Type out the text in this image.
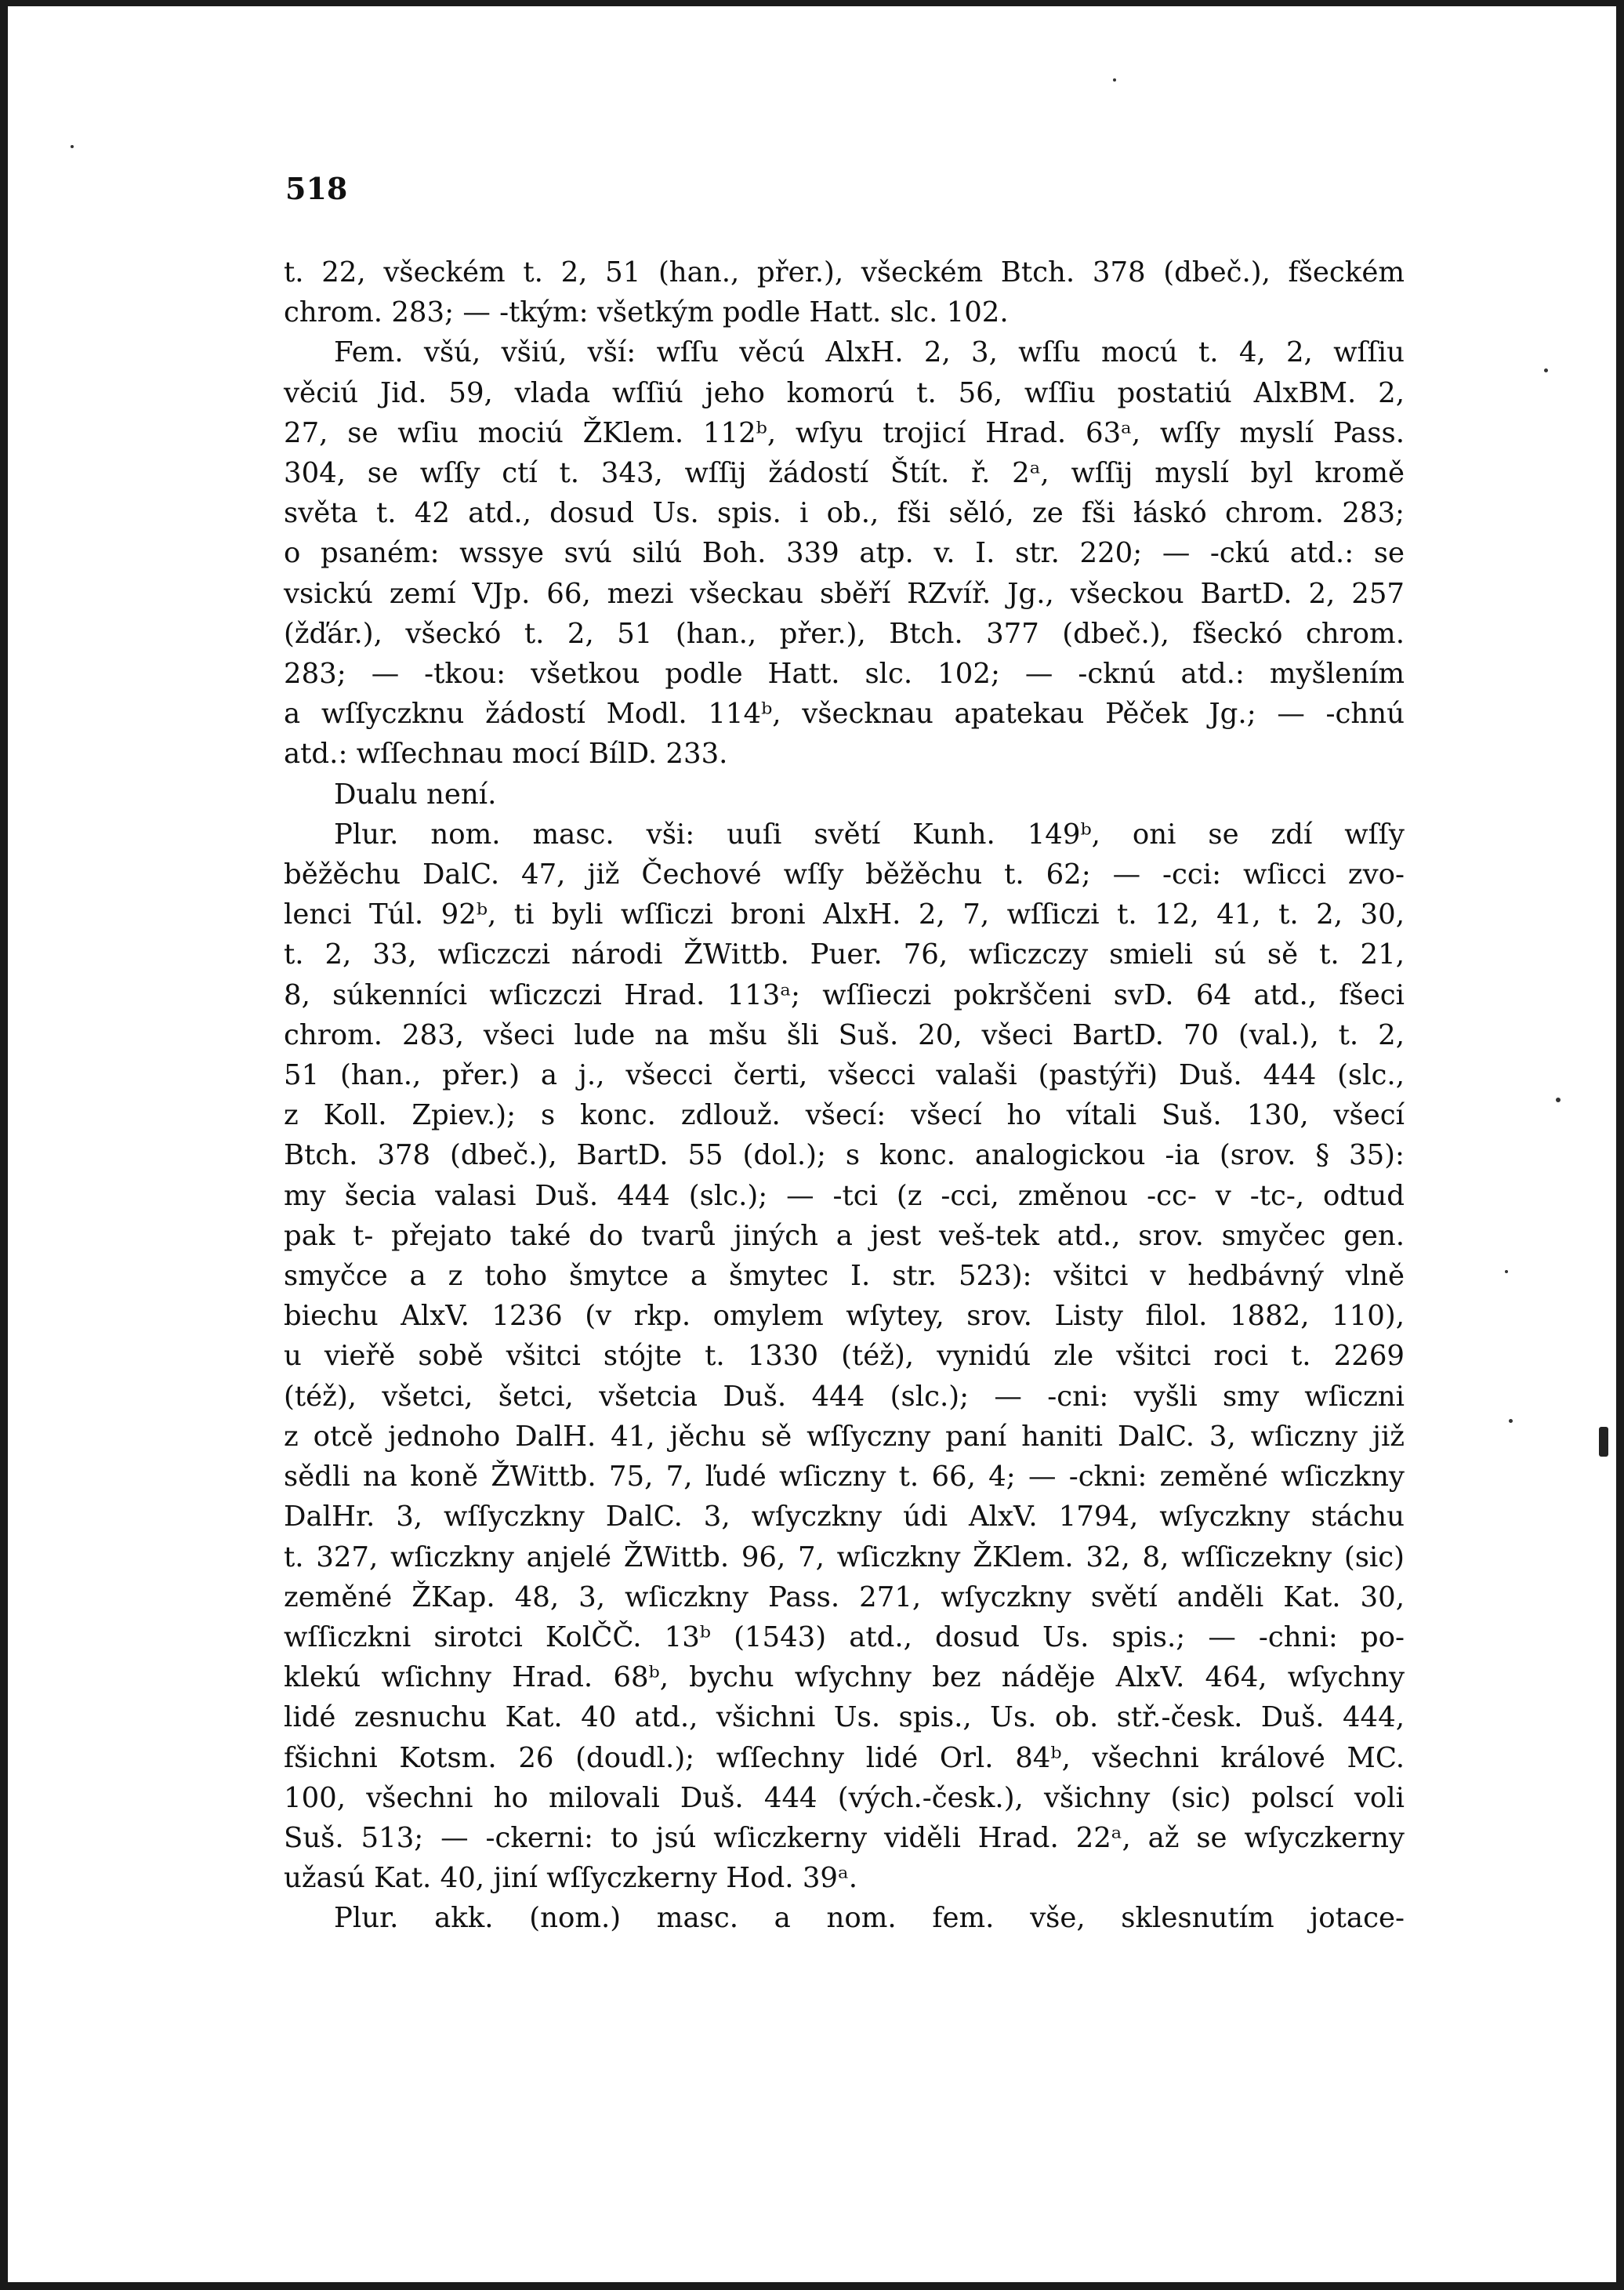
518
t. 22, všeckém t. 2, 51 (han., přer.), všeckém Btch. 378 (dbeč.), fšeckém
chrom. 283; — -tkým: všetkým podle Hatt. slc. 102.
Fem. všú, všiú, vší: wſſu věcú AlxH. 2, 3, wſſu mocú t. 4, 2, wſſiu
věciú Jid. 59, vlada wſſiú jeho komorú t. 56, wſſiu postatiú AlxBM. 2,
27, se wſiu mociú ŽKlem. 112ᵇ, wſyu trojicí Hrad. 63ᵃ, wſſy myslí Pass.
304, se wſſy ctí t. 343, wſſij žádostí Štít. ř. 2ᵃ, wſſij myslí byl kromě
světa t. 42 atd., dosud Us. spis. i ob., fši sěló, ze fši łáskó chrom. 283;
o psaném: wssye svú silú Boh. 339 atp. v. I. str. 220; — -ckú atd.: se
vsickú zemí VJp. 66, mezi všeckau sběří RZvíř. Jg., všeckou BartD. 2, 257
(žďár.), všeckó t. 2, 51 (han., přer.), Btch. 377 (dbeč.), fšeckó chrom.
283; — -tkou: všetkou podle Hatt. slc. 102; — -cknú atd.: myšlením
a wſſyczknu žádostí Modl. 114ᵇ, všecknau apatekau Pěček Jg.; — -chnú
atd.: wſſechnau mocí BílD. 233.
Dualu není.
Plur. nom. masc. vši: uuſi světí Kunh. 149ᵇ, oni se zdí wſſy
běžěchu DalC. 47, již Čechové wſſy běžěchu t. 62; — -cci: wſicci zvo-
lenci Túl. 92ᵇ, ti byli wſſiczi broni AlxH. 2, 7, wſſiczi t. 12, 41, t. 2, 30,
t. 2, 33, wſiczczi národi ŽWittb. Puer. 76, wſiczczy smieli sú sě t. 21,
8, súkenníci wſiczczi Hrad. 113ᵃ; wſſieczi pokrščeni svD. 64 atd., fšeci
chrom. 283, všeci lude na mšu šli Suš. 20, všeci BartD. 70 (val.), t. 2,
51 (han., přer.) a j., všecci čerti, všecci valaši (pastýři) Duš. 444 (slc.,
z Koll. Zpiev.); s konc. zdlouž. všecí: všecí ho vítali Suš. 130, všecí
Btch. 378 (dbeč.), BartD. 55 (dol.); s konc. analogickou -ia (srov. § 35):
my šecia valasi Duš. 444 (slc.); — -tci (z -cci, změnou -cc- v -tc-, odtud
pak t- přejato také do tvarů jiných a jest veš-tek atd., srov. smyčec gen.
smyčce a z toho šmytce a šmytec I. str. 523): všitci v hedbávný vlně
biechu AlxV. 1236 (v rkp. omylem wſytey, srov. Listy filol. 1882, 110),
u vieřě sobě všitci stójte t. 1330 (též), vynidú zle všitci roci t. 2269
(též), všetci, šetci, všetcia Duš. 444 (slc.); — -cni: vyšli smy wſiczni
z otcě jednoho DalH. 41, jěchu sě wſſyczny paní haniti DalC. 3, wſiczny již
sědli na koně ŽWittb. 75, 7, ľudé wſiczny t. 66, 4; — -ckni: zeměné wſiczkny
DalHr. 3, wſſyczkny DalC. 3, wſyczkny údi AlxV. 1794, wſyczkny stáchu
t. 327, wſiczkny anjelé ŽWittb. 96, 7, wſiczkny ŽKlem. 32, 8, wſſiczekny (sic)
zeměné ŽKap. 48, 3, wſiczkny Pass. 271, wſyczkny světí anděli Kat. 30,
wſſiczkni sirotci KolČČ. 13ᵇ (1543) atd., dosud Us. spis.; — -chni: po-
klekú wſichny Hrad. 68ᵇ, bychu wſychny bez náděje AlxV. 464, wſychny
lidé zesnuchu Kat. 40 atd., všichni Us. spis., Us. ob. stř.-česk. Duš. 444,
fšichni Kotsm. 26 (doudl.); wſſechny lidé Orl. 84ᵇ, všechni králové MC.
100, všechni ho milovali Duš. 444 (vých.-česk.), všichny (sic) polscí voli
Suš. 513; — -ckerni: to jsú wſiczkerny viděli Hrad. 22ᵃ, až se wſyczkerny
užasú Kat. 40, jiní wſſyczkerny Hod. 39ᵃ.
Plur. akk. (nom.) masc. a nom. fem. vše, sklesnutím jotace-
